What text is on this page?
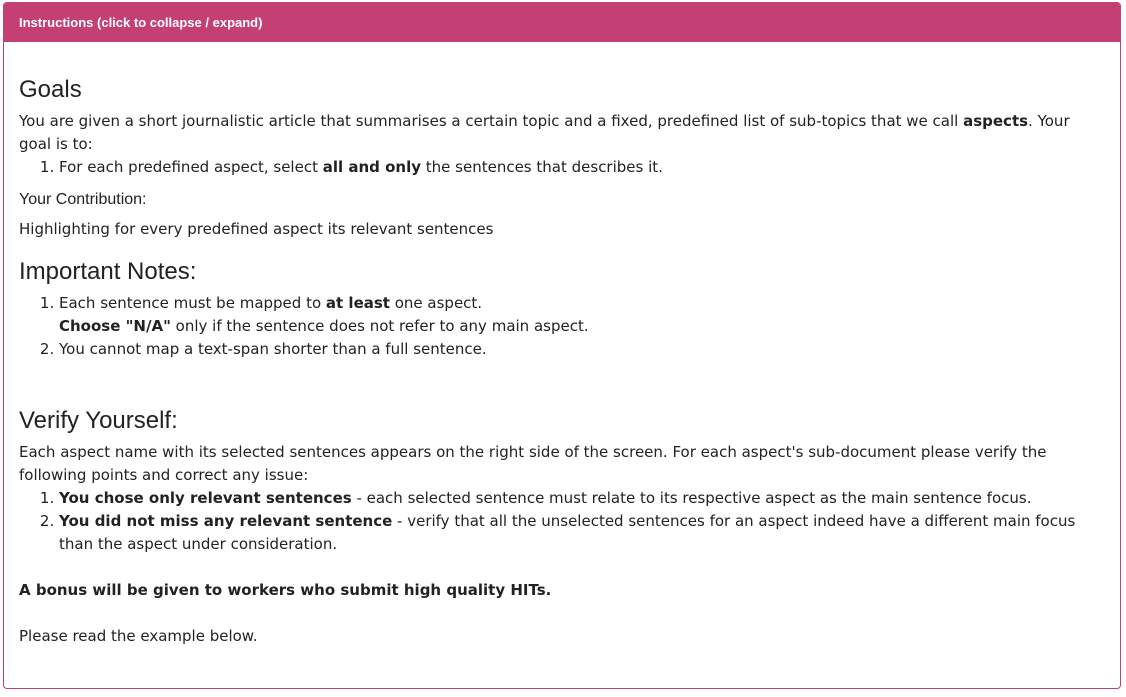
Instructions (click to collapse / expand)
Goals

You are given a short journalistic article that summarises a certain topic and a fixed, predefined list of sub-topics that we call aspects. Your goal is to:

1. For each predefined aspect, select all and only the sentences that describes it.
Your Contribution:

Highlighting for every predefined aspect its relevant sentences

Important Notes:
1. Each sentence must be mapped to at least one aspect.
Choose "N/A" only if the sentence does not refer to any main aspect.
2. You cannot map a text-span shorter than a full sentence.
Verify Yourself:

Each aspect name with its selected sentences appears on the right side of the screen. For each aspect's sub-document please verify the following points and correct any issue:

1. You chose only relevant sentences - each selected sentence must relate to its respective aspect as the main sentence focus.
2. You did not miss any relevant sentence - verify that all the unselected sentences for an aspect indeed have a different main focus than the aspect under consideration.

A bonus will be given to workers who submit high quality HITs.

Please read the example below.
